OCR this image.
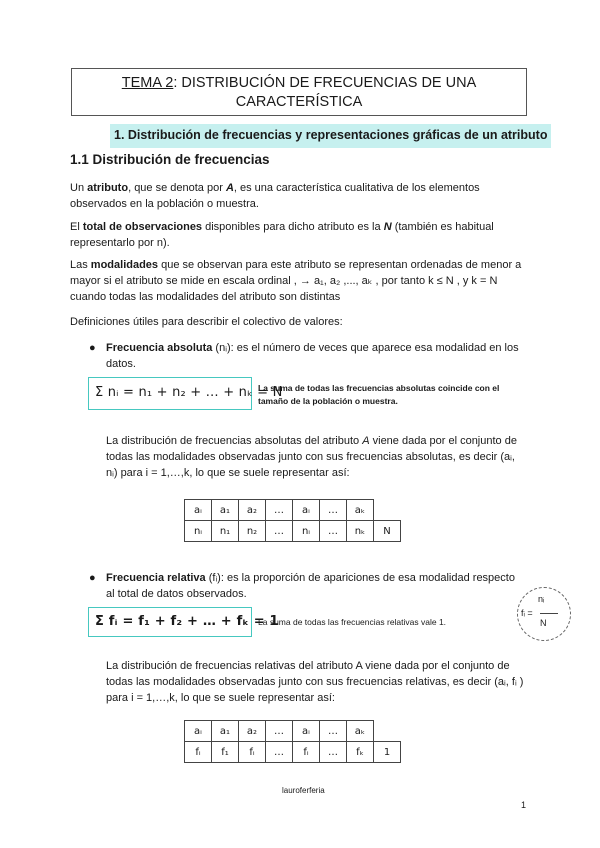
TEMA 2: DISTRIBUCIÓN DE FRECUENCIAS DE UNA
CARACTERÍSTICA
1. Distribución de frecuencias y representaciones gráficas de un atributo
1.1 Distribución de frecuencias
Un atributo, que se denota por A, es una característica cualitativa de los elementos observados en la población o muestra.
El total de observaciones disponibles para dicho atributo es la N (también es habitual representarlo por n).
Las modalidades que se observan para este atributo se representan ordenadas de menor a mayor si el atributo se mide en escala ordinal , → a₁, a₂ ,..., aₖ , por tanto k ≤ N , y k = N cuando todas las modalidades del atributo son distintas
Definiciones útiles para describir el colectivo de valores:
● Frecuencia absoluta (nᵢ): es el número de veces que aparece esa modalidad en los datos.
Σ nᵢ = n₁ + n₂ + … + nₖ = N
La suma de todas las frecuencias absolutas coincide con el tamaño de la población o muestra.
La distribución de frecuencias absolutas del atributo A viene dada por el conjunto de todas las modalidades observadas junto con sus frecuencias absolutas, es decir (aᵢ, nᵢ) para i = 1,…,k, lo que se suele representar así:
aᵢ	a₁	a₂	…	aᵢ	…	aₖ	
nᵢ	n₁	n₂	…	nᵢ	…	nₖ	N
● Frecuencia relativa (fᵢ): es la proporción de apariciones de esa modalidad respecto al total de datos observados.
Σ fᵢ = f₁ + f₂ + … + fₖ = 1
La suma de todas las frecuencias relativas vale 1.
nᵢ
fᵢ =
N
La distribución de frecuencias relativas del atributo A viene dada por el conjunto de todas las modalidades observadas junto con sus frecuencias relativas, es decir (aᵢ, fᵢ ) para i = 1,…,k, lo que se suele representar así:
aᵢ	a₁	a₂	…	aᵢ	…	aₖ	
fᵢ	f₁	fᵢ	…	fᵢ	…	fₖ	1
lauroferferia
1
